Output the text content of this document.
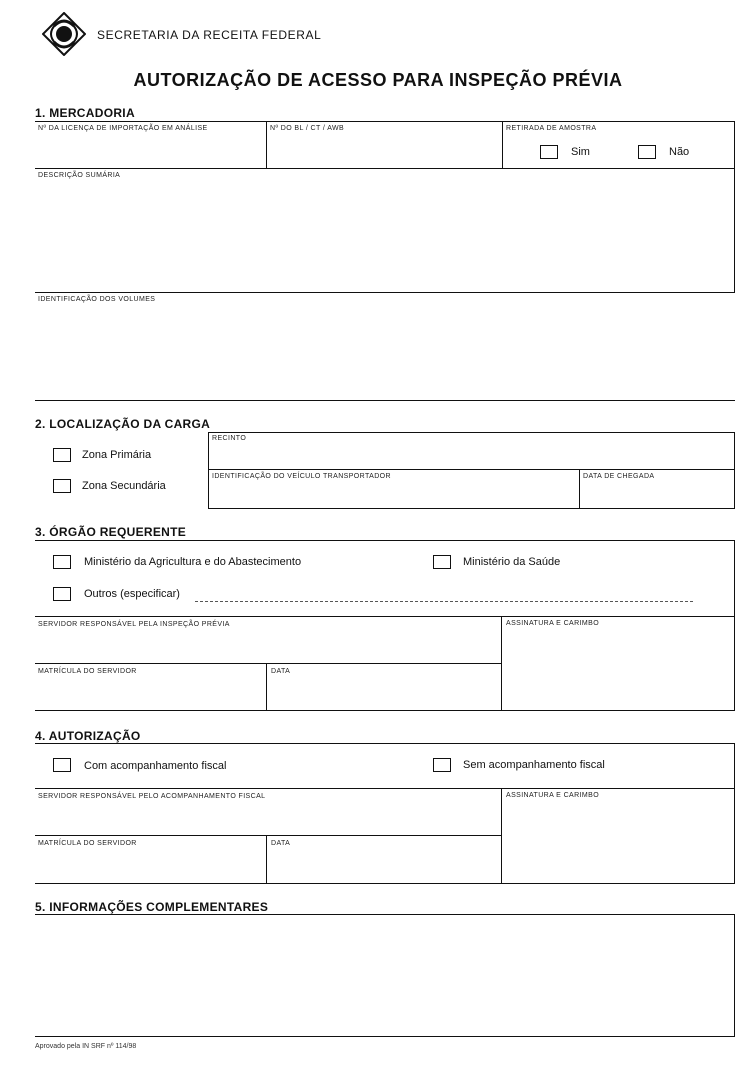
SECRETARIA DA RECEITA FEDERAL
AUTORIZAÇÃO DE ACESSO PARA INSPEÇÃO PRÉVIA
1. MERCADORIA
Nº DA LICENÇA DE IMPORTAÇÃO EM ANÁLISE	Nº DO BL / CT / AWB	RETIRADA DE AMOSTRA
Sim	Não
DESCRIÇÃO SUMÁRIA
IDENTIFICAÇÃO DOS VOLUMES
2. LOCALIZAÇÃO DA CARGA
Zona Primária
Zona Secundária
RECINTO
IDENTIFICAÇÃO DO VEÍCULO TRANSPORTADOR	DATA DE CHEGADA
3. ÓRGÃO REQUERENTE
Ministério da Agricultura e do Abastecimento	Ministério da Saúde
Outros (especificar)
SERVIDOR RESPONSÁVEL PELA INSPEÇÃO PRÉVIA	ASSINATURA E CARIMBO
MATRÍCULA DO SERVIDOR	DATA
4. AUTORIZAÇÃO
Com acompanhamento fiscal	Sem acompanhamento fiscal
SERVIDOR RESPONSÁVEL PELO ACOMPANHAMENTO FISCAL	ASSINATURA E CARIMBO
MATRÍCULA DO SERVIDOR	DATA
5. INFORMAÇÕES COMPLEMENTARES
Aprovado pela IN SRF nº 114/98
